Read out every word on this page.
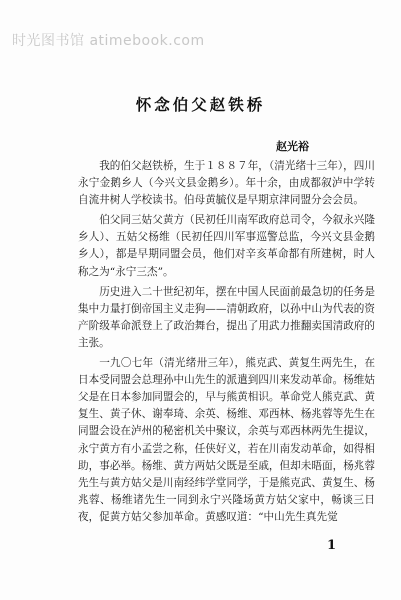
时光图书馆 atimebook.com
怀念伯父赵铁桥
赵光裕

我的伯父赵铁桥，生于１８８７年，（清光绪十三年），四川永宁金鹅乡人（今兴文县金鹅乡）。年十余，由成都叙泸中学转自流井树人学校读书。伯母黄毓仪是早期京津同盟分会会员。

伯父同三姑父黄方（民初任川南军政府总司令，今叙永兴隆乡人）、五姑父杨维（民初任四川军事巡警总监，今兴文县金鹅乡人），都是早期同盟会员，他们对辛亥革命都有所建树，时人称之为“永宁三杰”。

历史进入二十世纪初年，摆在中国人民面前最急切的任务是集中力量打倒帝国主义走狗——清朝政府，以孙中山为代表的资产阶级革命派登上了政治舞台，提出了用武力推翻卖国清政府的主张。

一九〇七年（清光绪卅三年），熊克武、黄复生两先生，在日本受同盟会总理孙中山先生的派遣到四川来发动革命。杨维姑父是在日本参加同盟会的，早与熊黄相识。革命党人熊克武、黄复生、黄子休、谢奉琦、余英、杨维、邓西林、杨兆蓉等先生在同盟会设在泸州的秘密机关中聚议，余英与邓西林两先生提议，永宁黄方有小孟尝之称，任侠好义，若在川南发动革命，如得相助，事必举。杨维、黄方两姑父既是至戚，但却未晤面，杨兆蓉先生与黄方姑父是川南经纬学堂同学，于是熊克武、黄复生、杨兆蓉、杨维诸先生一同到永宁兴隆场黄方姑父家中，畅谈三日夜，促黄方姑父参加革命。黄感叹道：“中山先生真先觉

1
